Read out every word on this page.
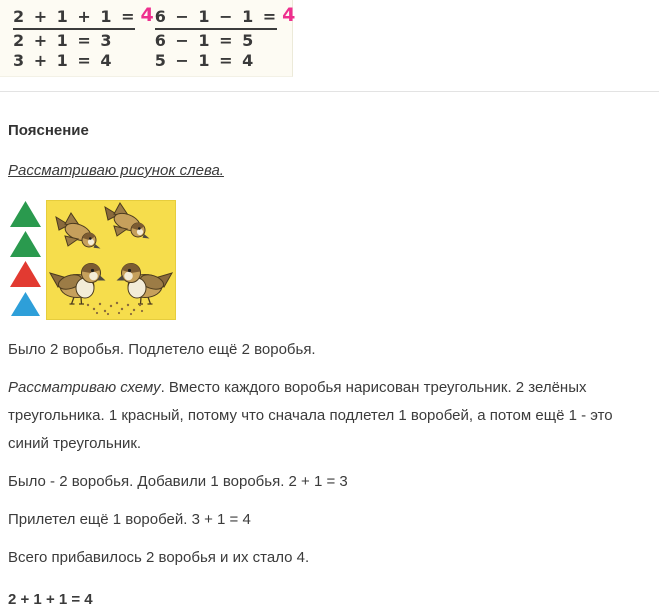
2 + 1 + 1 = 4
2 + 1 = 3
3 + 1 = 4
6 − 1 − 1 = 4
6 − 1 = 5
5 − 1 = 4
Пояснение

Рассматриваю рисунок слева.

Было 2 воробья. Подлетело ещё 2 воробья.

Рассматриваю схему. Вместо каждого воробья нарисован треугольник. 2 зелёных треугольника. 1 красный, потому что сначала подлетел 1 воробей, а потом ещё 1 - это синий треугольник.

Было - 2 воробья. Добавили 1 воробья. 2 + 1 = 3

Прилетел ещё 1 воробей. 3 + 1 = 4

Всего прибавилось 2 воробья и их стало 4.

2 + 1 + 1 = 4
